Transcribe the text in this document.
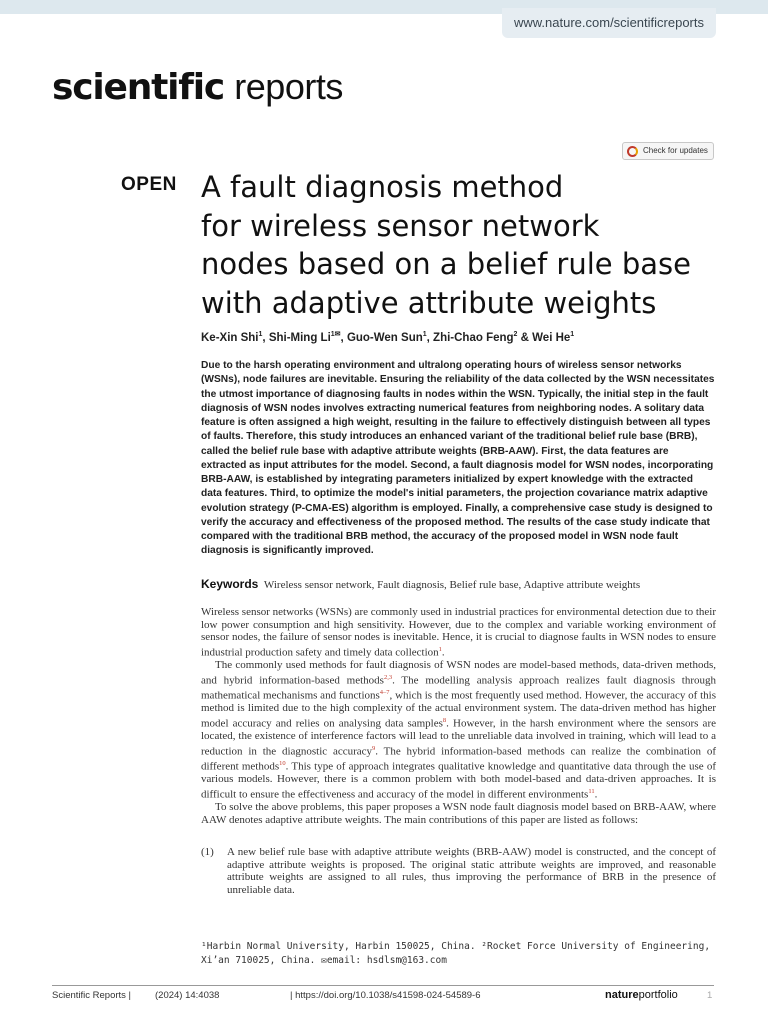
www.nature.com/scientificreports
scientific reports
Check for updates
OPEN A fault diagnosis method
for wireless sensor network
nodes based on a belief rule base
with adaptive attribute weights
Ke-Xin Shi$^1$, Shi-Ming $Li^{1✉}$, Guo-Wen Sun$^1$, Zhi-Chao Feng$^2$ & Wei He$^1$
Due to the harsh operating environment and ultralong operating hours of wireless sensor networks (WSNs), node failures are inevitable. Ensuring the reliability of the data collected by the WSN necessitates the utmost importance of diagnosing faults in nodes within the WSN. Typically, the initial step in the fault diagnosis of WSN nodes involves extracting numerical features from neighboring nodes. A solitary data feature is often assigned a high weight, resulting in the failure to effectively distinguish between all types of faults. Therefore, this study introduces an enhanced variant of the traditional belief rule base (BRB), called the belief rule base with adaptive attribute weights (BRB-AAW). First, the data features are extracted as input attributes for the model. Second, a fault diagnosis model for WSN nodes, incorporating BRB-AAW, is established by integrating parameters initialized by expert knowledge with the extracted data features. Third, to optimize the model's initial parameters, the projection covariance matrix adaptive evolution strategy (P-CMA-ES) algorithm is employed. Finally, a comprehensive case study is designed to verify the accuracy and effectiveness of the proposed method. The results of the case study indicate that compared with the traditional BRB method, the accuracy of the proposed model in WSN node fault diagnosis is significantly improved.
Keywords Wireless sensor network, Fault diagnosis, Belief rule base, Adaptive attribute weights

Wireless sensor networks (WSNs) are commonly used in industrial practices for environmental detection due to their low power consumption and high sensitivity. However, due to the complex and variable working environment of sensor nodes, the failure of sensor nodes is inevitable. Hence, it is crucial to diagnose faults in WSN nodes to ensure industrial production safety and timely data collection$^1$.

The commonly used methods for fault diagnosis of WSN nodes are model-based methods, data-driven methods, and hybrid information-based methods$^{2,3}$. The modelling analysis approach realizes fault diagnosis through mathematical mechanisms and functions$^{4-7}$, which is the most frequently used method. However, the accuracy of this method is limited due to the high complexity of the actual environment system. The data-driven method has higher model accuracy and relies on analysing data samples$^8$. However, in the harsh environment where the sensors are located, the existence of interference factors will lead to the unreliable data involved in training, which will lead to a reduction in the diagnostic accuracy$^9$. The hybrid information-based methods can realize the combination of different methods$^{10}$. This type of approach integrates qualitative knowledge and quantitative data through the use of various models. However, there is a common problem with both model-based and data-driven approaches. It is difficult to ensure the effectiveness and accuracy of the model in different environments$^{11}$.

To solve the above problems, this paper proposes a WSN node fault diagnosis model based on BRB-AAW, where AAW denotes adaptive attribute weights. The main contributions of this paper are listed as follows:

(1) A new belief rule base with adaptive attribute weights (BRB-AAW) model is constructed, and the concept of adaptive attribute weights is proposed. The original static attribute weights are improved, and reasonable attribute weights are assigned to all rules, thus improving the performance of BRB in the presence of unreliable data.
¹Harbin Normal University, Harbin 150025, China. ²Rocket Force University of Engineering, Xi’an 710025, China. ✉email: hsdlsm@163.com
Scientific Reports |	(2024) 14:4038	| https://doi.org/10.1038/s41598-024-54589-6	natureportfolio	1
